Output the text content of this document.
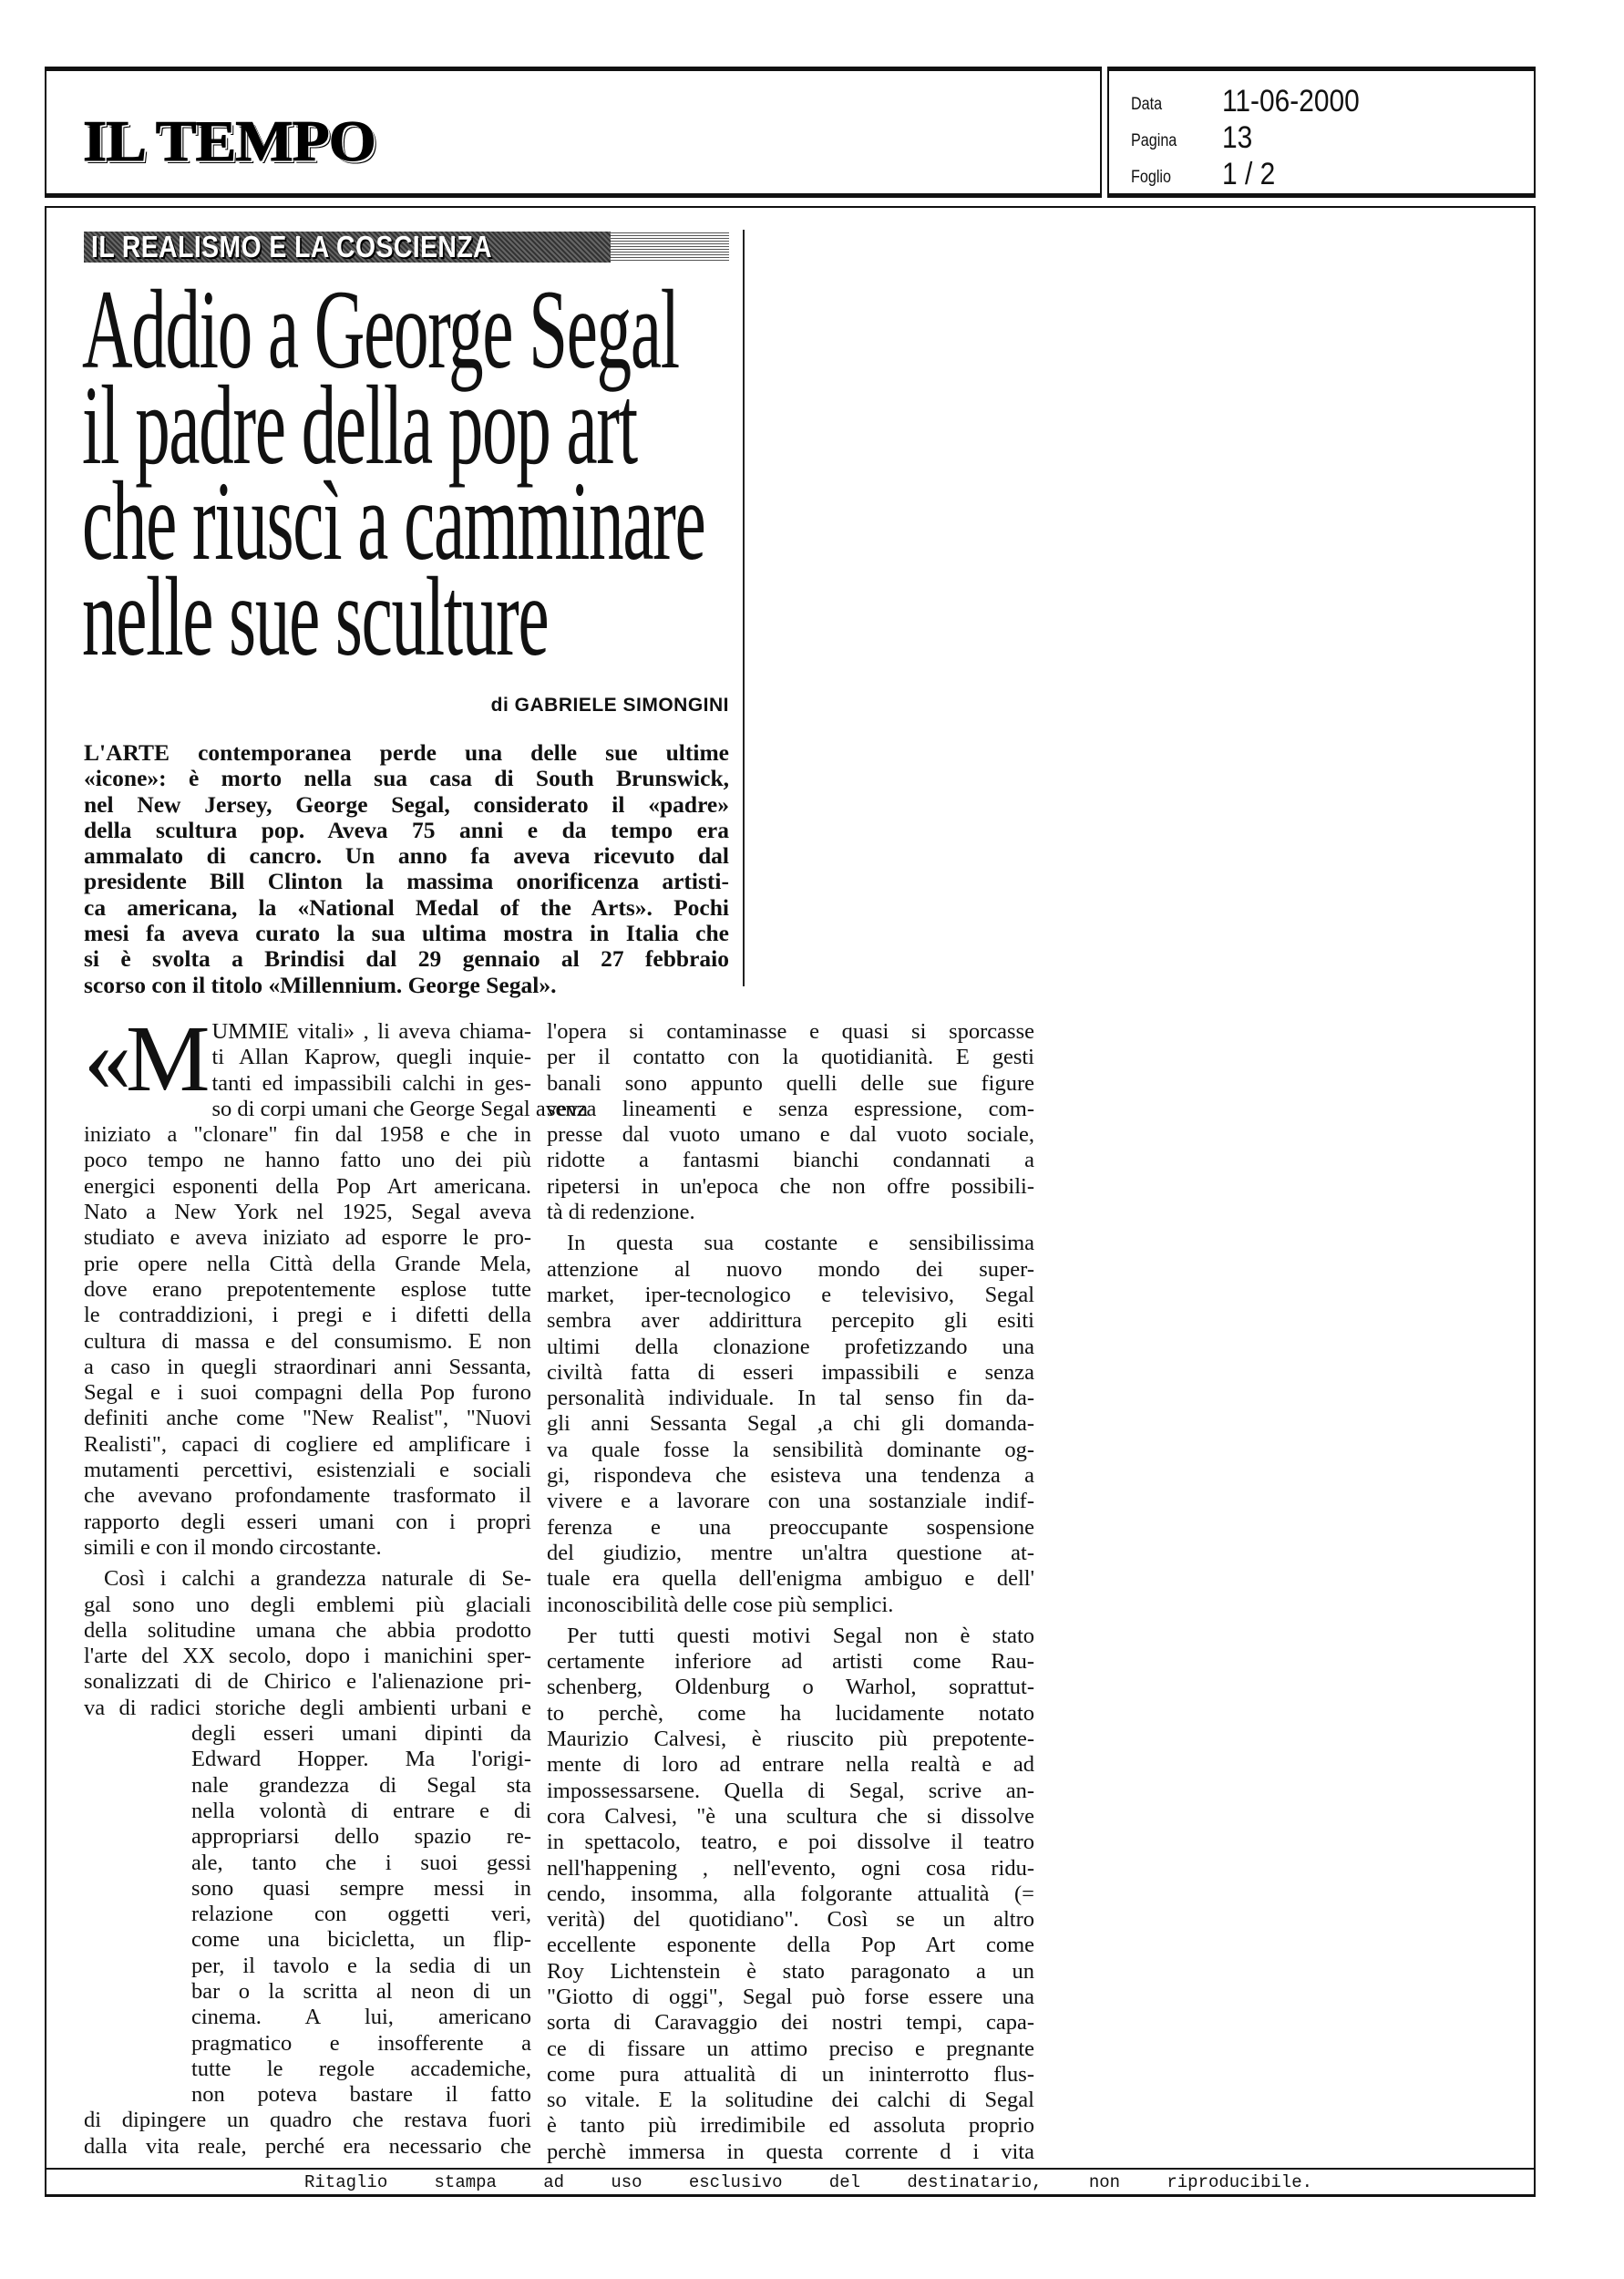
IL TEMPO
Data 11-06-2000
Pagina 13
Foglio 1 / 2
IL REALISMO E LA COSCIENZA
Addio a George Segal
il padre della pop art
che riuscì a camminare
nelle sue sculture
di GABRIELE SIMONGINI
L'ARTE contemporanea perde una delle sue ultime
«icone»: è morto nella sua casa di South Brunswick,
nel New Jersey, George Segal, considerato il «padre»
della scultura pop. Aveva 75 anni e da tempo era
ammalato di cancro. Un anno fa aveva ricevuto dal
presidente Bill Clinton la massima onorificenza artisti-
ca americana, la «National Medal of the Arts». Pochi
mesi fa aveva curato la sua ultima mostra in Italia che
si è svolta a Brindisi dal 29 gennaio al 27 febbraio
scorso con il titolo «Millennium. George Segal».
«M UMMIE vitali» , li aveva chiama-
ti Allan Kaprow, quegli inquie-
tanti ed impassibili calchi in ges-
so di corpi umani che George Segal aveva
iniziato a "clonare" fin dal 1958 e che in
poco tempo ne hanno fatto uno dei più
energici esponenti della Pop Art americana.
Nato a New York nel 1925, Segal aveva
studiato e aveva iniziato ad esporre le pro-
prie opere nella Città della Grande Mela,
dove erano prepotentemente esplose tutte
le contraddizioni, i pregi e i difetti della
cultura di massa e del consumismo. E non
a caso in quegli straordinari anni Sessanta,
Segal e i suoi compagni della Pop furono
definiti anche come "New Realist", "Nuovi
Realisti", capaci di cogliere ed amplificare i
mutamenti percettivi, esistenziali e sociali
che avevano profondamente trasformato il
rapporto degli esseri umani con i propri
simili e con il mondo circostante.
Così i calchi a grandezza naturale di Se-
gal sono uno degli emblemi più glaciali
della solitudine umana che abbia prodotto
l'arte del XX secolo, dopo i manichini sper-
sonalizzati di de Chirico e l'alienazione pri-
va di radici storiche degli ambienti urbani e
degli esseri umani dipinti da
Edward Hopper. Ma l'origi-
nale grandezza di Segal sta
nella volontà di entrare e di
appropriarsi dello spazio re-
ale, tanto che i suoi gessi
sono quasi sempre messi in
relazione con oggetti veri,
come una bicicletta, un flip-
per, il tavolo e la sedia di un
bar o la scritta al neon di un
cinema. A lui, americano
pragmatico e insofferente a
tutte le regole accademiche,
non poteva bastare il fatto
di dipingere un quadro che restava fuori
dalla vita reale, perché era necessario che
l'opera si contaminasse e quasi si sporcasse
per il contatto con la quotidianità. E gesti
banali sono appunto quelli delle sue figure
senza lineamenti e senza espressione, com-
presse dal vuoto umano e dal vuoto sociale,
ridotte a fantasmi bianchi condannati a
ripetersi in un'epoca che non offre possibili-
tà di redenzione.
In questa sua costante e sensibilissima
attenzione al nuovo mondo dei super-
market, iper-tecnologico e televisivo, Segal
sembra aver addirittura percepito gli esiti
ultimi della clonazione profetizzando una
civiltà fatta di esseri impassibili e senza
personalità individuale. In tal senso fin da-
gli anni Sessanta Segal ,a chi gli domanda-
va quale fosse la sensibilità dominante og-
gi, rispondeva che esisteva una tendenza a
vivere e a lavorare con una sostanziale indif-
ferenza e una preoccupante sospensione
del giudizio, mentre un'altra questione at-
tuale era quella dell'enigma ambiguo e dell'
inconoscibilità delle cose più semplici.
Per tutti questi motivi Segal non è stato
certamente inferiore ad artisti come Rau-
schenberg, Oldenburg o Warhol, soprattut-
to perchè, come ha lucidamente notato
Maurizio Calvesi, è riuscito più prepotente-
mente di loro ad entrare nella realtà e ad
impossessarsene. Quella di Segal, scrive an-
cora Calvesi, "è una scultura che si dissolve
in spettacolo, teatro, e poi dissolve il teatro
nell'happening , nell'evento, ogni cosa ridu-
cendo, insomma, alla folgorante attualità (=
verità) del quotidiano". Così se un altro
eccellente esponente della Pop Art come
Roy Lichtenstein è stato paragonato a un
"Giotto di oggi", Segal può forse essere una
sorta di Caravaggio dei nostri tempi, capa-
ce di fissare un attimo preciso e pregnante
come pura attualità di un ininterrotto flus-
so vitale. E la solitudine dei calchi di Segal
è tanto più irredimibile ed assoluta proprio
perchè immersa in questa corrente d i vita
Ritaglio stampa ad uso esclusivo del destinatario, non riproducibile.
